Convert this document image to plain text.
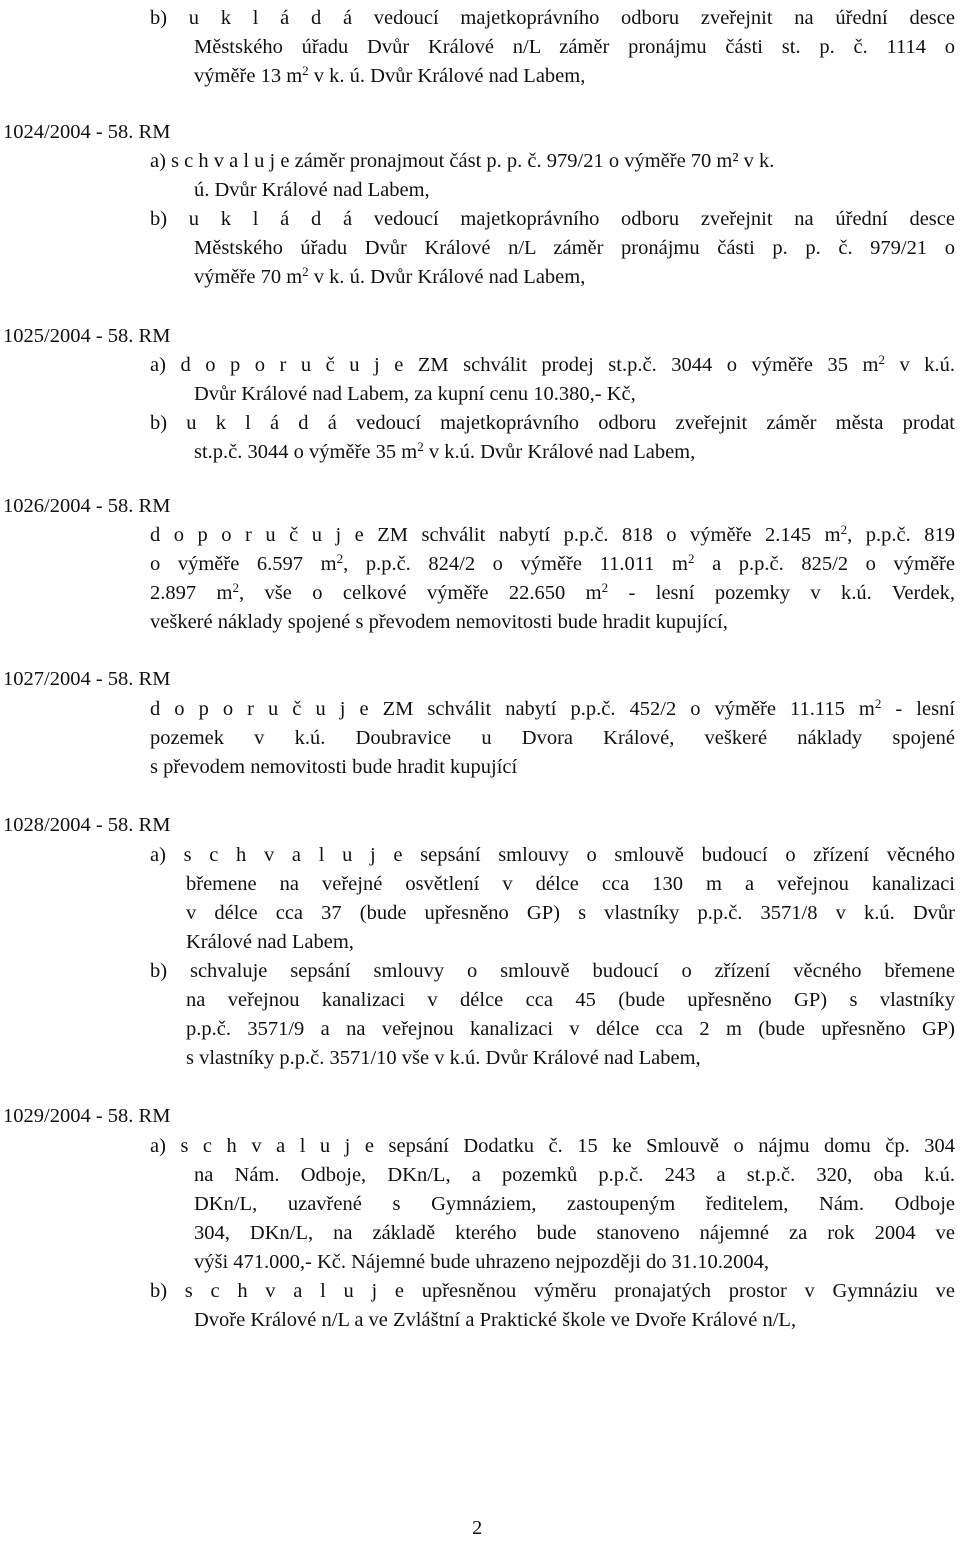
b) u k l á d á vedoucí majetkoprávního odboru zveřejnit na úřední desce
Městského úřadu Dvůr Králové n/L záměr pronájmu části st. p. č. 1114 o
výměře 13 $m^2$ v k. ú. Dvůr Králové nad Labem,
1024/2004 - 58. RM
a) s c h v a l u j e záměr pronajmout část p. p. č. 979/21 o výměře 70 m² v k.
ú. Dvůr Králové nad Labem,
b) u k l á d á vedoucí majetkoprávního odboru zveřejnit na úřední desce
Městského úřadu Dvůr Králové n/L záměr pronájmu části p. p. č. 979/21 o
výměře 70 $m^2$ v k. ú. Dvůr Králové nad Labem,
1025/2004 - 58. RM
a) d o p o r u č u j e ZM schválit prodej st.p.č. 3044 o výměře 35 $m^2$ v k.ú.
Dvůr Králové nad Labem, za kupní cenu 10.380,- Kč,
b) u k l á d á vedoucí majetkoprávního odboru zveřejnit záměr města prodat
st.p.č. 3044 o výměře 35 $m^2$ v k.ú. Dvůr Králové nad Labem,
1026/2004 - 58. RM
d o p o r u č u j e ZM schválit nabytí p.p.č. 818 o výměře 2.145 $m^2$, p.p.č. 819
o výměře 6.597 $m^2$, p.p.č. 824/2 o výměře 11.011 $m^2$ a p.p.č. 825/2 o výměře
2.897 $m^2$, vše o celkové výměře 22.650 $m^2$ - lesní pozemky v k.ú. Verdek,
veškeré náklady spojené s převodem nemovitosti bude hradit kupující,
1027/2004 - 58. RM
d o p o r u č u j e ZM schválit nabytí p.p.č. 452/2 o výměře 11.115 $m^2$ - lesní
pozemek v k.ú. Doubravice u Dvora Králové, veškeré náklady spojené
s převodem nemovitosti bude hradit kupující
1028/2004 - 58. RM
a) s c h v a l u j e sepsání smlouvy o smlouvě budoucí o zřízení věcného
břemene na veřejné osvětlení v délce cca 130 m a veřejnou kanalizaci
v délce cca 37 (bude upřesněno GP) s vlastníky p.p.č. 3571/8 v k.ú. Dvůr
Králové nad Labem,
b) schvaluje sepsání smlouvy o smlouvě budoucí o zřízení věcného břemene
na veřejnou kanalizaci v délce cca 45 (bude upřesněno GP) s vlastníky
p.p.č. 3571/9 a na veřejnou kanalizaci v délce cca 2 m (bude upřesněno GP)
s vlastníky p.p.č. 3571/10 vše v k.ú. Dvůr Králové nad Labem,
1029/2004 - 58. RM
a) s c h v a l u j e sepsání Dodatku č. 15 ke Smlouvě o nájmu domu čp. 304
na Nám. Odboje, DKn/L, a pozemků p.p.č. 243 a st.p.č. 320, oba k.ú.
DKn/L, uzavřené s Gymnáziem, zastoupeným ředitelem, Nám. Odboje
304, DKn/L, na základě kterého bude stanoveno nájemné za rok 2004 ve
výši 471.000,- Kč. Nájemné bude uhrazeno nejpozději do 31.10.2004,
b) s c h v a l u j e upřesněnou výměru pronajatých prostor v Gymnáziu ve
Dvoře Králové n/L a ve Zvláštní a Praktické škole ve Dvoře Králové n/L,
2
